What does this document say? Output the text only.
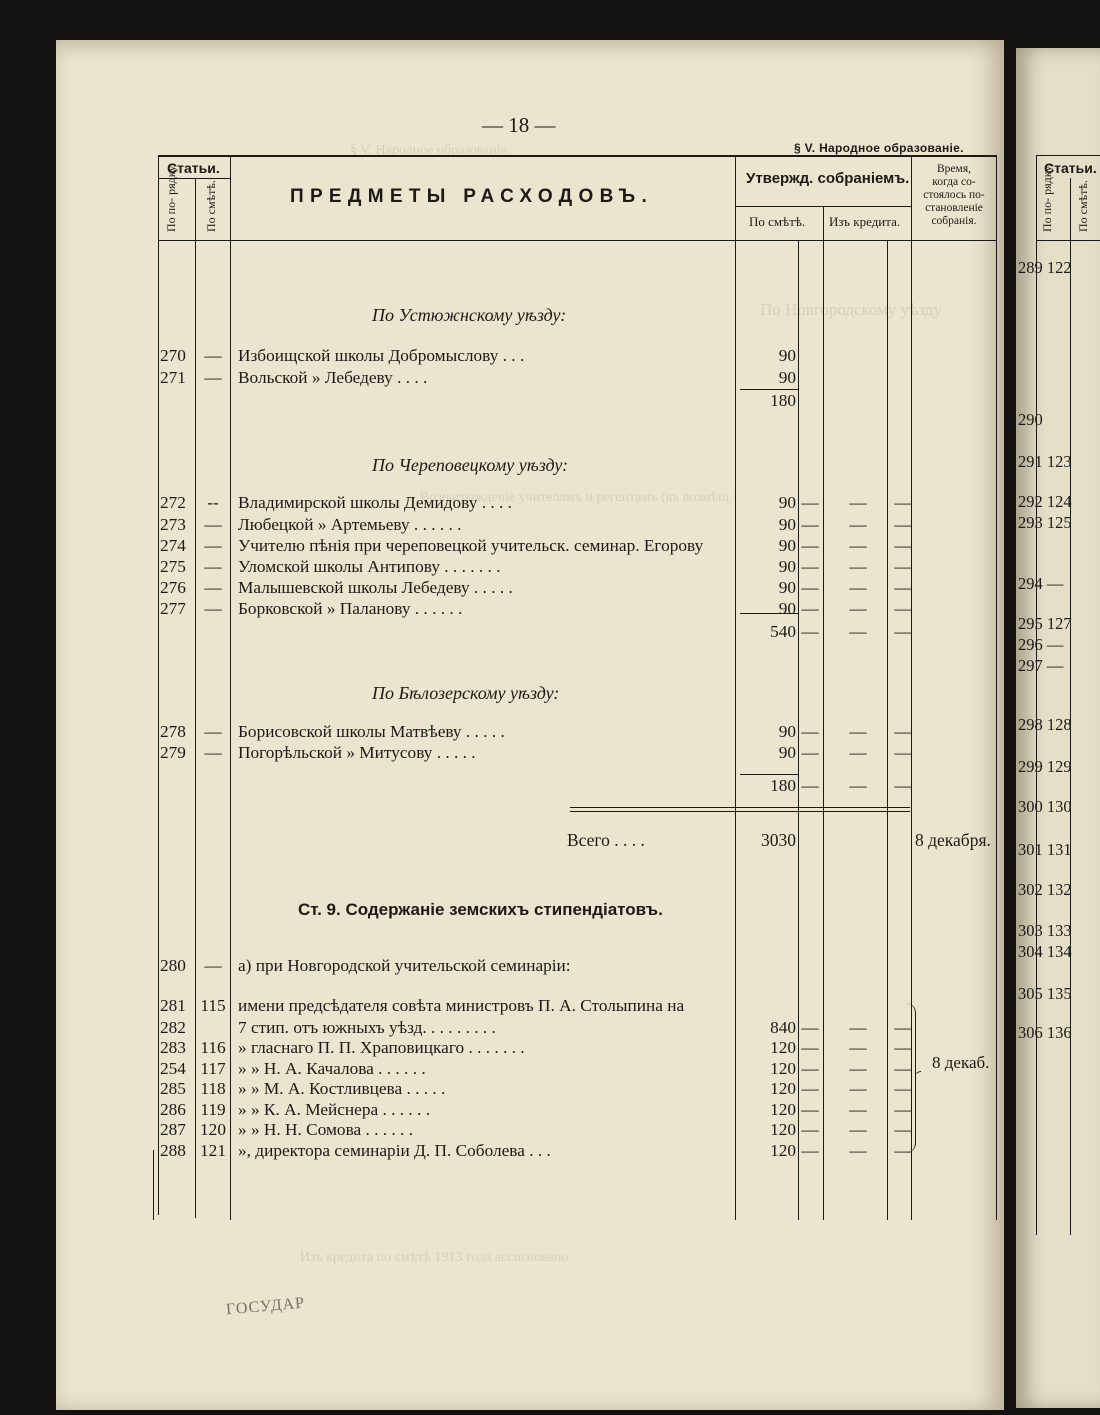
§ V. Народное образованіе.
По Новгородскому уѣзду
Вознагражденіе учителямъ и регентамъ (въ возмѣщ.
Изъ кредита по смѣтѣ 1913 года ассигновано
— 18 —
§ V. Народное образованіе.
Статьи.
По по- рядку. По смѣтѣ.	ПРЕДМЕТЫ РАСХОДОВЪ.
Утвержд. собраніемъ.
По смѣтѣ. Изъ кредита.
Время,
когда со-
стоялось по-
становленіе
собранія.
По Устюжнскому уѣзду:
По Череповецкому уѣзду:
По Бѣлозерскому уѣзду:
270	— Избоищской школы Добромыслову . . .	90
271	— Вольской » Лебедеву . . . .	90
180
272	--	Владимирской школы Демидову . . . .	90 — — —
273	— Любецкой » Артемьеву . . . . . .	90 — — —
274	— Учителю пѣнія при череповецкой учительск. семинар. Егорову	90 — — —
275	— Уломской школы Антипову . . . . . . .	90 — — —
276	— Малышевской школы Лебедеву . . . . .	90 — — —
277	— Борковской » Паланову . . . . . .	90 — — —
540 — — —
278	— Борисовской школы Матвѣеву . . . . .	90 — — —
279	— Погорѣльской » Митусову . . . . .	90 — — —
180 — — —
280	— а) при Новгородской учительской семинаріи:
281 115 имени предсѣдателя совѣта министровъ П. А. Столыпина на
282	7 стип. отъ южныхъ уѣзд. . . . . . . . .	840 — — —
283 116 » гласнаго П. П. Храповицкаго . . . . . . .	120 — — —
254 117 » » Н. А. Качалова . . . . . .	120 — — —
285 118 » » М. А. Костливцева . . . . .	120 — — —
286 119 » » К. А. Мейснера . . . . . .	120 — — —
287 120 » » Н. Н. Сомова . . . . . .	120 — — —
288 121 », директора семинаріи Д. П. Соболева . . .	120 — — —
Всего . . . .	3030	8 декабря.
Ст. 9. Содержаніе земскихъ стипендіатовъ.
8 декаб.
ГОСУДАР
Статьи.
По по- рядку. По смѣтѣ.
289 122
290
291 123
292 124
293 125
294 —
295 127
296 —
297 —
298 128
299 129
300 130
301 131
302 132
303 133
304 134
305 135
306 136
